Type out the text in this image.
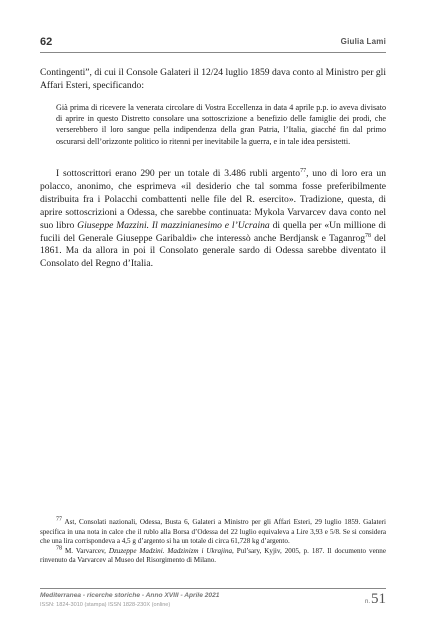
62	Giulia Lami

Contingenti”, di cui il Console Galateri il 12/24 luglio 1859 dava conto al Ministro per gli Affari Esteri, specificando:

Già prima di ricevere la venerata circolare di Vostra Eccellenza in data 4 aprile p.p. io aveva divisato di aprire in questo Distretto consolare una sottoscrizione a benefizio delle famiglie dei prodi, che verserebbero il loro sangue pella indipendenza della gran Patria, l’Italia, giacché fin dal primo oscurarsi dell’orizzonte politico io ritenni per inevitabile la guerra, e in tale idea persistetti.

I sottoscrittori erano 290 per un totale di 3.486 rubli argento$^{77}$, uno di loro era un polacco, anonimo, che esprimeva «il desiderio che tal somma fosse preferibilmente distribuita fra i Polacchi combattenti nelle file del R. esercito». Tradizione, questa, di aprire sottoscrizioni a Odessa, che sarebbe continuata: Mykola Varvarcev dava conto nel suo libro Giuseppe Mazzini. Il mazzinianesimo e l’Ucraina di quella per «Un millione di fucili del Generale Giuseppe Garibaldi» che interessò anche Berdjansk e Taganrog$^{78}$ del 1861. Ma da allora in poi il Consolato generale sardo di Odessa sarebbe diventato il Consolato del Regno d’Italia.

$^{77}$ Ast, Consolati nazionali, Odessa, Busta 6, Galateri a Ministro per gli Affari Esteri, 29 luglio 1859. Galateri specifica in una nota in calce che il rublo alla Borsa d’Odessa del 22 luglio equivaleva a Lire 3,93 e 5/8. Se si considera che una lira corrispondeva a 4,5 g d’argento si ha un totale di circa 61,728 kg d’argento.

$^{78}$ M. Varvarcev, Dzuzeppe Madzini. Madzinizm i Ukrajina, Pul’sary, Kyjiv, 2005, p. 187. Il documento venne rinvenuto da Varvarcev al Museo del Risorgimento di Milano.

Mediterranea - ricerche storiche - Anno XVIII - Aprile 2021
ISSN: 1824-3010 (stampa) ISSN 1828-230X (online)	n.51
